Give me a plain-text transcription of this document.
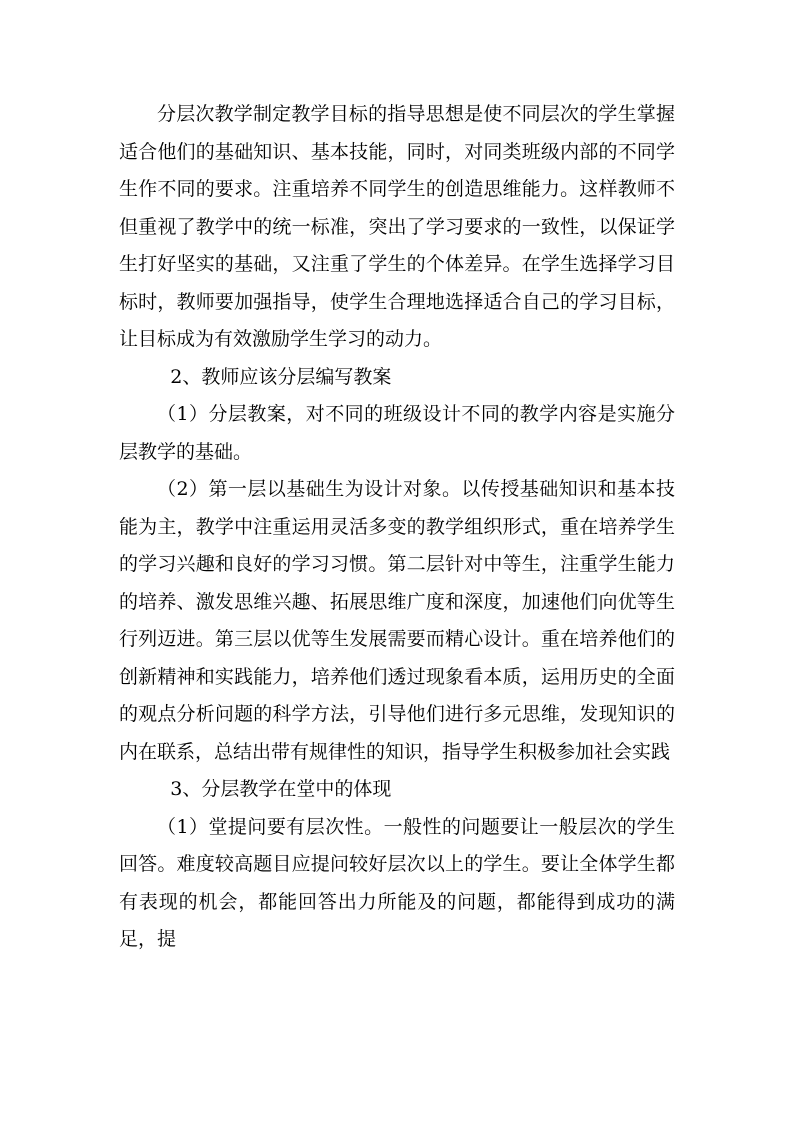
分层次教学制定教学目标的指导思想是使不同层次的学生掌握适合他们的基础知识、基本技能，同时，对同类班级内部的不同学生作不同的要求。注重培养不同学生的创造思维能力。这样教师不但重视了教学中的统一标准，突出了学习要求的一致性，以保证学生打好坚实的基础，又注重了学生的个体差异。在学生选择学习目标时，教师要加强指导，使学生合理地选择适合自己的学习目标，让目标成为有效激励学生学习的动力。

2、教师应该分层编写教案

（1）分层教案，对不同的班级设计不同的教学内容是实施分层教学的基础。

（2）第一层以基础生为设计对象。以传授基础知识和基本技能为主，教学中注重运用灵活多变的教学组织形式，重在培养学生的学习兴趣和良好的学习习惯。第二层针对中等生，注重学生能力的培养、激发思维兴趣、拓展思维广度和深度，加速他们向优等生行列迈进。第三层以优等生发展需要而精心设计。重在培养他们的创新精神和实践能力，培养他们透过现象看本质，运用历史的全面的观点分析问题的科学方法，引导他们进行多元思维，发现知识的内在联系，总结出带有规律性的知识，指导学生积极参加社会实践

3、分层教学在堂中的体现

（1）堂提问要有层次性。一般性的问题要让一般层次的学生回答。难度较高题目应提问较好层次以上的学生。要让全体学生都有表现的机会，都能回答出力所能及的问题，都能得到成功的满足，提
